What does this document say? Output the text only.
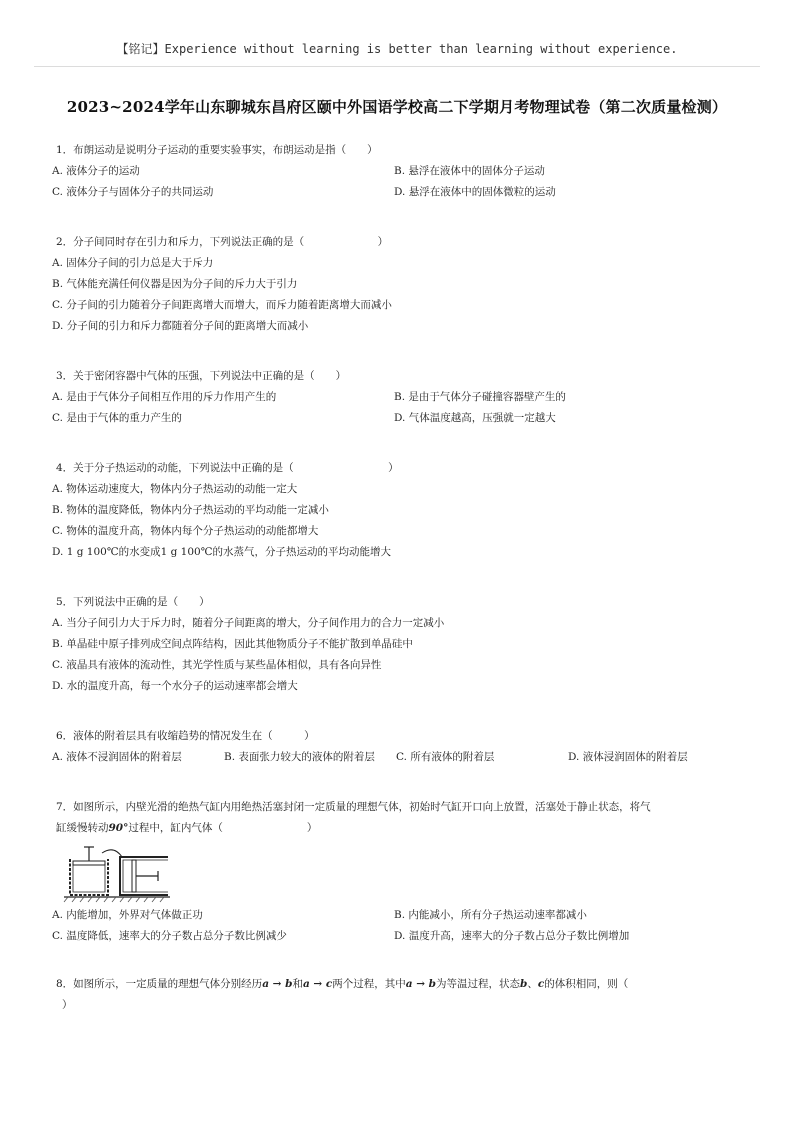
【铭记】Experience without learning is better than learning without experience.
2023~2024学年山东聊城东昌府区颐中外国语学校高二下学期月考物理试卷（第二次质量检测）
1．布朗运动是说明分子运动的重要实验事实，布朗运动是指（　　）
A. 液体分子的运动	B. 悬浮在液体中的固体分子运动
C. 液体分子与固体分子的共同运动	D. 悬浮在液体中的固体微粒的运动
2．分子间同时存在引力和斥力，下列说法正确的是（　　　　　　　）
A. 固体分子间的引力总是大于斥力
B. 气体能充满任何仪器是因为分子间的斥力大于引力
C. 分子间的引力随着分子间距离增大而增大，而斥力随着距离增大而减小
D. 分子间的引力和斥力都随着分子间的距离增大而减小
3．关于密闭容器中气体的压强，下列说法中正确的是（　　）
A. 是由于气体分子间相互作用的斥力作用产生的	B. 是由于气体分子碰撞容器壁产生的
C. 是由于气体的重力产生的	D. 气体温度越高，压强就一定越大
4．关于分子热运动的动能，下列说法中正确的是（　　　　　　　　　）
A. 物体运动速度大，物体内分子热运动的动能一定大
B. 物体的温度降低，物体内分子热运动的平均动能一定减小
C. 物体的温度升高，物体内每个分子热运动的动能都增大
D. 1 g 100℃的水变成1 g 100℃的水蒸气，分子热运动的平均动能增大
5．下列说法中正确的是（　　）
A. 当分子间引力大于斥力时，随着分子间距离的增大，分子间作用力的合力一定减小
B. 单晶硅中原子排列成空间点阵结构，因此其他物质分子不能扩散到单晶硅中
C. 液晶具有液体的流动性，其光学性质与某些晶体相似，具有各向异性
D. 水的温度升高，每一个水分子的运动速率都会增大
6．液体的附着层具有收缩趋势的情况发生在（　　　）
A. 液体不浸润固体的附着层	B. 表面张力较大的液体的附着层	C. 所有液体的附着层	D. 液体浸润固体的附着层
7．如图所示，内壁光滑的绝热气缸内用绝热活塞封闭一定质量的理想气体，初始时气缸开口向上放置，活塞处于静止状态，将气
缸缓慢转动90°过程中，缸内气体（　　　　　　　　）
A. 内能增加，外界对气体做正功	B. 内能减小，所有分子热运动速率都减小
C. 温度降低，速率大的分子数占总分子数比例减少	D. 温度升高，速率大的分子数占总分子数比例增加
8．如图所示，一定质量的理想气体分别经历a → b和a → c两个过程，其中a → b为等温过程，状态b、c的体积相同，则（
）
